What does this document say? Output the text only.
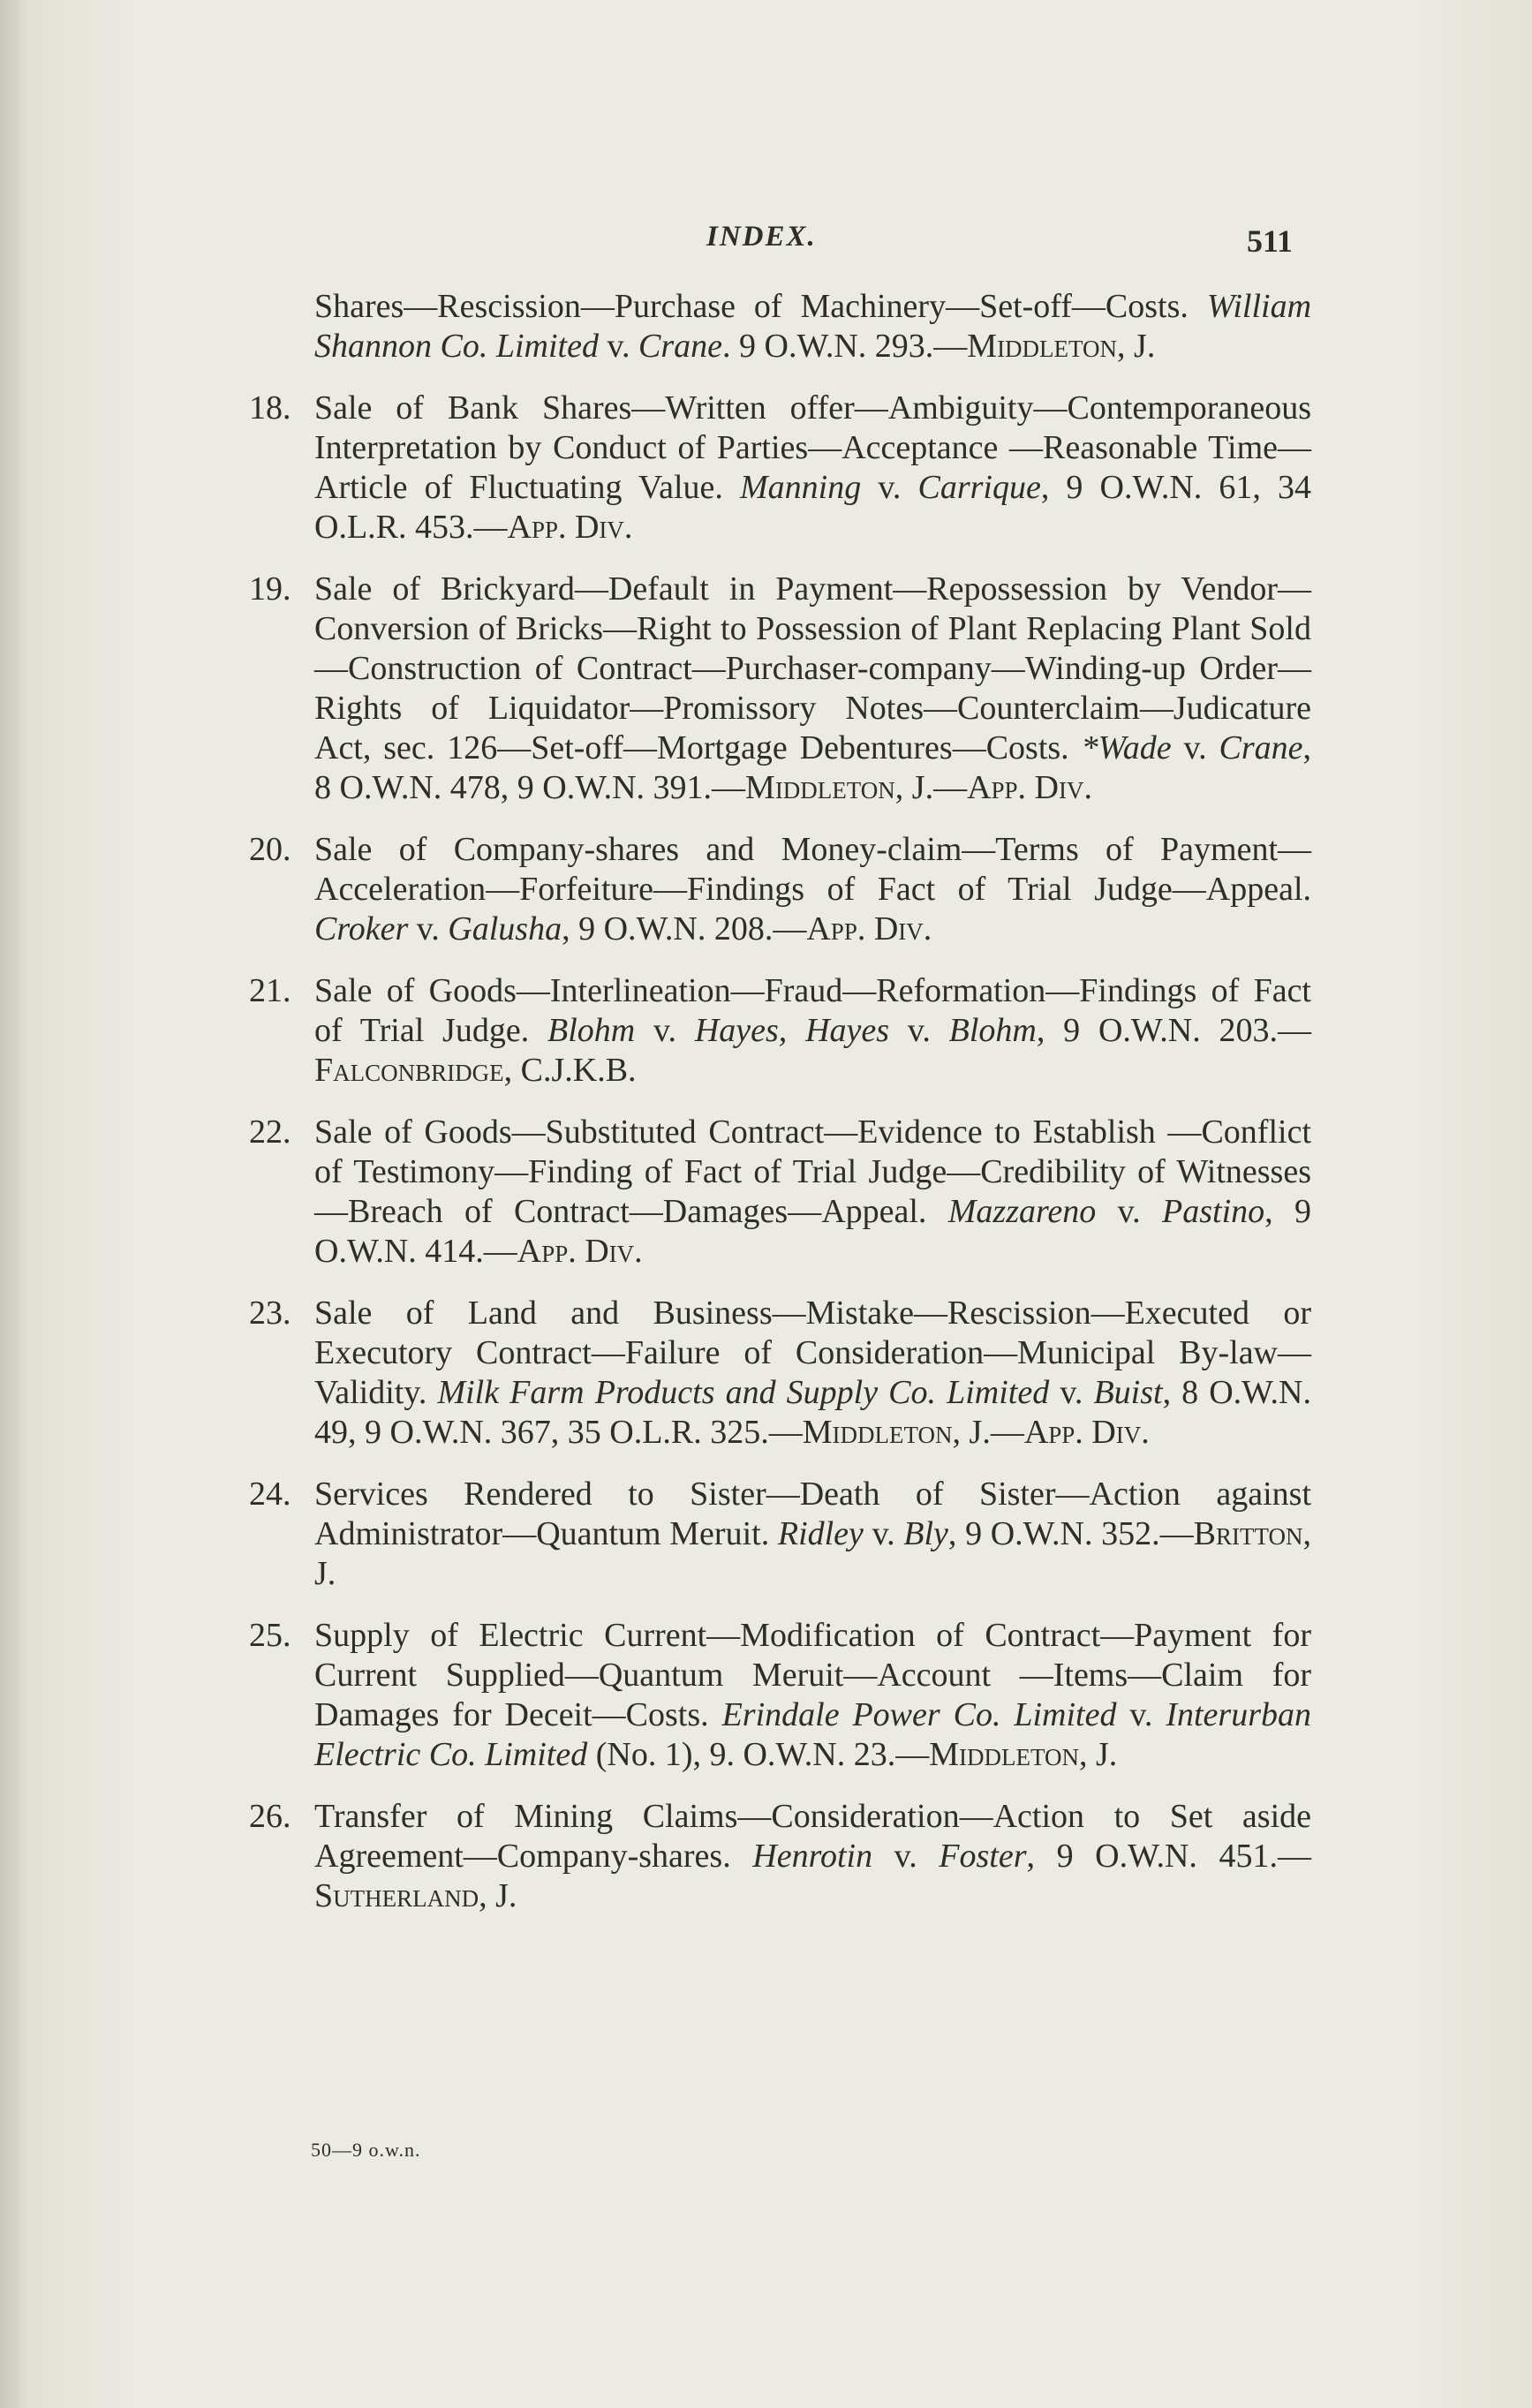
INDEX.	511
Shares—Rescission—Purchase of Machinery—Set-off—Costs. William Shannon Co. Limited v. Crane. 9 O.W.N. 293.—Middleton, J.
18. Sale of Bank Shares—Written offer—Ambiguity—Contemporaneous Interpretation by Conduct of Parties—Acceptance —Reasonable Time—Article of Fluctuating Value. Manning v. Carrique, 9 O.W.N. 61, 34 O.L.R. 453.—App. Div.
19. Sale of Brickyard—Default in Payment—Repossession by Vendor—Conversion of Bricks—Right to Possession of Plant Replacing Plant Sold—Construction of Contract—Purchaser-company—Winding-up Order—Rights of Liquidator—Promissory Notes—Counterclaim—Judicature Act, sec. 126—Set-off—Mortgage Debentures—Costs. *Wade v. Crane, 8 O.W.N. 478, 9 O.W.N. 391.—Middleton, J.—App. Div.
20. Sale of Company-shares and Money-claim—Terms of Payment—Acceleration—Forfeiture—Findings of Fact of Trial Judge—Appeal. Croker v. Galusha, 9 O.W.N. 208.—App. Div.
21. Sale of Goods—Interlineation—Fraud—Reformation—Findings of Fact of Trial Judge. Blohm v. Hayes, Hayes v. Blohm, 9 O.W.N. 203.—Falconbridge, C.J.K.B.
22. Sale of Goods—Substituted Contract—Evidence to Establish —Conflict of Testimony—Finding of Fact of Trial Judge—Credibility of Witnesses—Breach of Contract—Damages—Appeal. Mazzareno v. Pastino, 9 O.W.N. 414.—App. Div.
23. Sale of Land and Business—Mistake—Rescission—Executed or Executory Contract—Failure of Consideration—Municipal By-law—Validity. Milk Farm Products and Supply Co. Limited v. Buist, 8 O.W.N. 49, 9 O.W.N. 367, 35 O.L.R. 325.—Middleton, J.—App. Div.
24. Services Rendered to Sister—Death of Sister—Action against Administrator—Quantum Meruit. Ridley v. Bly, 9 O.W.N. 352.—Britton, J.
25. Supply of Electric Current—Modification of Contract—Payment for Current Supplied—Quantum Meruit—Account —Items—Claim for Damages for Deceit—Costs. Erindale Power Co. Limited v. Interurban Electric Co. Limited (No. 1), 9. O.W.N. 23.—Middleton, J.
26. Transfer of Mining Claims—Consideration—Action to Set aside Agreement—Company-shares. Henrotin v. Foster, 9 O.W.N. 451.—Sutherland, J.
50—9 o.w.n.
